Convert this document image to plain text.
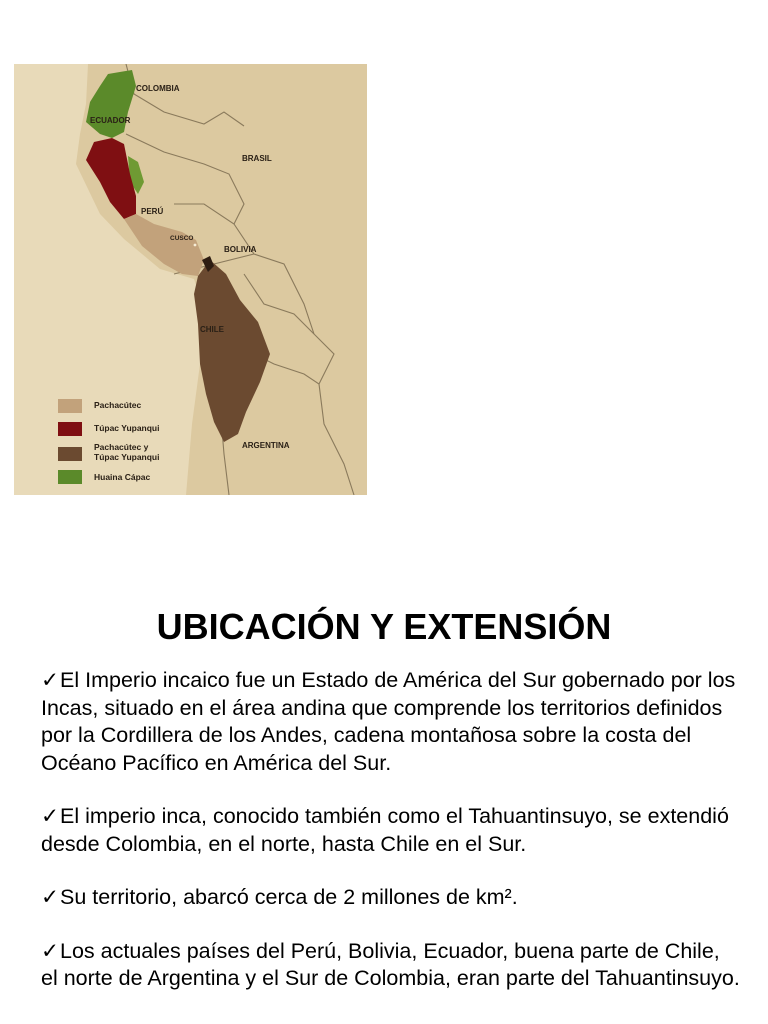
COLOMBIA
ECUADOR
BRASIL
PERÚ
BOLIVIA
CHILE
ARGENTINA
CUSCO
Pachacútec
Túpac Yupanqui
Pachacútec y
Túpac Yupanqui
Huaina Cápac
UBICACIÓN Y EXTENSIÓN

✓El Imperio incaico fue un Estado de América del Sur gobernado por los Incas, situado en el área andina que comprende los territorios definidos por la Cordillera de los Andes, cadena montañosa sobre la costa del Océano Pacífico en América del Sur.

✓El imperio inca, conocido también como el Tahuantinsuyo, se extendió desde Colombia, en el norte, hasta Chile en el Sur.

✓Su territorio, abarcó cerca de 2 millones de km².

✓Los actuales países del Perú, Bolivia, Ecuador, buena parte de Chile, el norte de Argentina y el Sur de Colombia, eran parte del Tahuantinsuyo.
